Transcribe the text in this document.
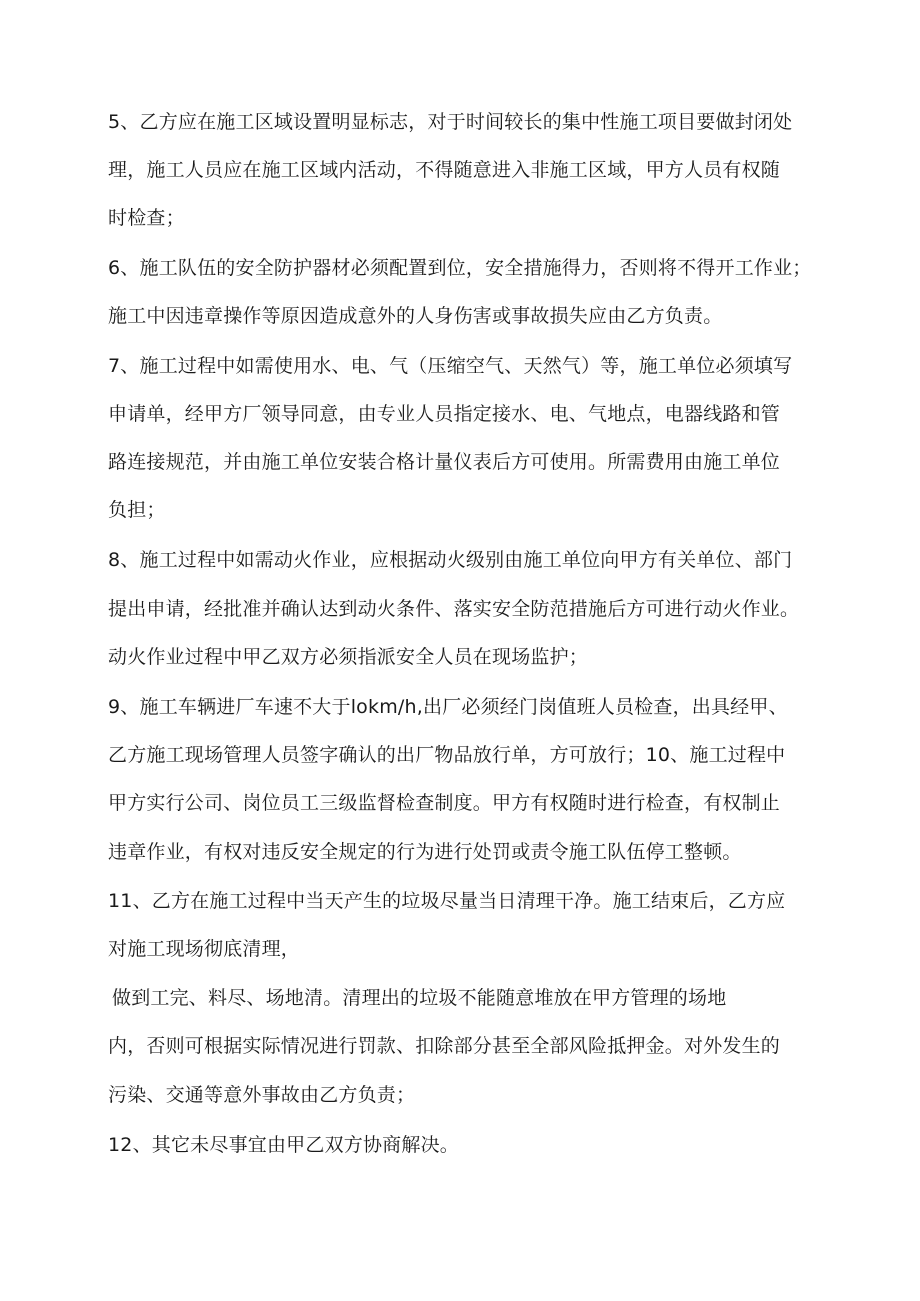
5、乙方应在施工区域设置明显标志，对于时间较长的集中性施工项目要做封闭处
理，施工人员应在施工区域内活动，不得随意进入非施工区域，甲方人员有权随
时检查；
6、施工队伍的安全防护器材必须配置到位，安全措施得力，否则将不得开工作业；
施工中因违章操作等原因造成意外的人身伤害或事故损失应由乙方负责。
7、施工过程中如需使用水、电、气（压缩空气、天然气）等，施工单位必须填写
申请单，经甲方厂领导同意，由专业人员指定接水、电、气地点，电器线路和管
路连接规范，并由施工单位安装合格计量仪表后方可使用。所需费用由施工单位
负担；
8、施工过程中如需动火作业，应根据动火级别由施工单位向甲方有关单位、部门
提出申请，经批准并确认达到动火条件、落实安全防范措施后方可进行动火作业。
动火作业过程中甲乙双方必须指派安全人员在现场监护；
9、施工车辆进厂车速不大于lokm/h,出厂必须经门岗值班人员检查，出具经甲、
乙方施工现场管理人员签字确认的出厂物品放行单，方可放行；10、施工过程中
甲方实行公司、岗位员工三级监督检查制度。甲方有权随时进行检查，有权制止
违章作业，有权对违反安全规定的行为进行处罚或责令施工队伍停工整顿。
11、乙方在施工过程中当天产生的垃圾尽量当日清理干净。施工结束后，乙方应
对施工现场彻底清理，
做到工完、料尽、场地清。清理出的垃圾不能随意堆放在甲方管理的场地
内，否则可根据实际情况进行罚款、扣除部分甚至全部风险抵押金。对外发生的
污染、交通等意外事故由乙方负责；
12、其它未尽事宜由甲乙双方协商解决。
